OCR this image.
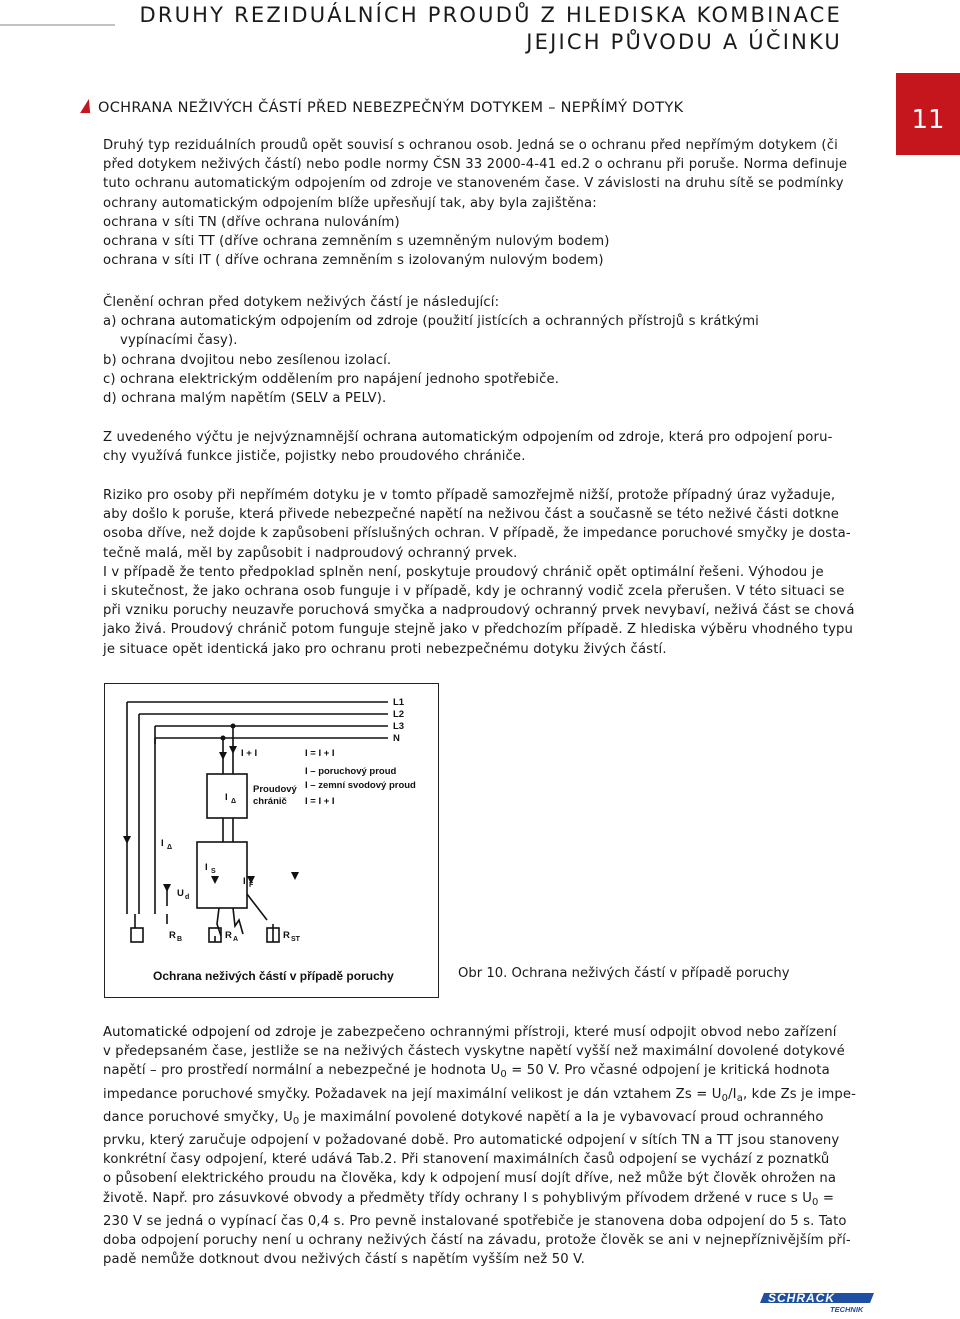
DRUHY REZIDUÁLNÍCH PROUDŮ Z HLEDISKA KOMBINACE
JEJICH PŮVODU A ÚČINKU
11
OCHRANA NEŽIVÝCH ČÁSTÍ PŘED NEBEZPEČNÝM DOTYKEM – NEPŘÍMÝ DOTYK

Druhý typ reziduálních proudů opět souvisí s ochranou osob. Jedná se o ochranu před nepřímým dotykem (či

před dotykem neživých částí) nebo podle normy ČSN 33 2000-4-41 ed.2 o ochranu při poruše. Norma definuje

tuto ochranu automatickým odpojením od zdroje ve stanoveném čase. V závislosti na druhu sítě se podmínky

ochrany automatickým odpojením blíže upřesňují tak, aby byla zajištěna:

ochrana v síti TN (dříve ochrana nulováním)

ochrana v síti TT (dříve ochrana zemněním s uzemněným nulovým bodem)

ochrana v síti IT ( dříve ochrana zemněním s izolovaným nulovým bodem)

Členění ochran před dotykem neživých částí je následující:

a) ochrana automatickým odpojením od zdroje (použití jistících a ochranných přístrojů s krátkými

vypínacími časy).

b) ochrana dvojitou nebo zesílenou izolací.

c) ochrana elektrickým oddělením pro napájení jednoho spotřebiče.

d) ochrana malým napětím (SELV a PELV).

Z uvedeného výčtu je nejvýznamnější ochrana automatickým odpojením od zdroje, která pro odpojení poru-

chy využívá funkce jističe, pojistky nebo proudového chrániče.

Riziko pro osoby při nepřímém dotyku je v tomto případě samozřejmě nižší, protože případný úraz vyžaduje,

aby došlo k poruše, která přivede nebezpečné napětí na neživou část a současně se této neživé části dotkne

osoba dříve, než dojde k zapůsobeni příslušných ochran. V případě, že impedance poruchové smyčky je dosta-

tečně malá, měl by zapůsobit i nadproudový ochranný prvek.

I v případě že tento předpoklad splněn není, poskytuje proudový chránič opět optimální řešeni. Výhodou je

i skutečnost, že jako ochrana osob funguje i v případě, kdy je ochranný vodič zcela přerušen. V této situaci se

při vzniku poruchy neuzavře poruchová smyčka a nadproudový ochranný prvek nevybaví, neživá část se chová

jako živá. Proudový chránič potom funguje stejně jako v předchozím případě. Z hlediska výběru vhodného typu

je situace opět identická jako pro ochranu proti nebezpečnému dotyku živých částí.

L1
L2
L3
N
I + I	I = I + I
I – poruchový proud
I – zemní svodový proud
I = I + I
Proudový
chránič
I Δ
I Δ
I S
I F
U d
R B	R A	R ST
Ochrana neživých částí v případě poruchy	Obr 10. Ochrana neživých částí v případě poruchy

Automatické odpojení od zdroje je zabezpečeno ochrannými přístroji, které musí odpojit obvod nebo zařízení

v předepsaném čase, jestliže se na neživých částech vyskytne napětí vyšší než maximální dovolené dotykové

napětí – pro prostředí normální a nebezpečné je hodnota $U_0 = 50$ V. Pro včasné odpojení je kritická hodnota

impedance poruchové smyčky. Požadavek na její maximální velikost je dán vztahem $Zs = U_0/I_a$, kde Zs je impe-

dance poruchové smyčky, $U_0$ je maximální povolené dotykové napětí a Ia je vybavovací proud ochranného

prvku, který zaručuje odpojení v požadované době. Pro automatické odpojení v sítích TN a TT jsou stanoveny

konkrétní časy odpojení, které udává Tab.2. Při stanovení maximálních časů odpojení se vychází z poznatků

o působení elektrického proudu na člověka, kdy k odpojení musí dojít dříve, než může být člověk ohrožen na

životě. Např. pro zásuvkové obvody a předměty třídy ochrany I s pohyblivým přívodem držené v ruce s $U_0$ =

230 V se jedná o vypínací čas 0,4 s. Pro pevně instalované spotřebiče je stanovena doba odpojení do 5 s. Tato

doba odpojení poruchy není u ochrany neživých částí na závadu, protože člověk se ani v nejnepříznivějším pří-

padě nemůže dotknout dvou neživých částí s napětím vyšším než 50 V.

SCHRACK
TECHNIK
